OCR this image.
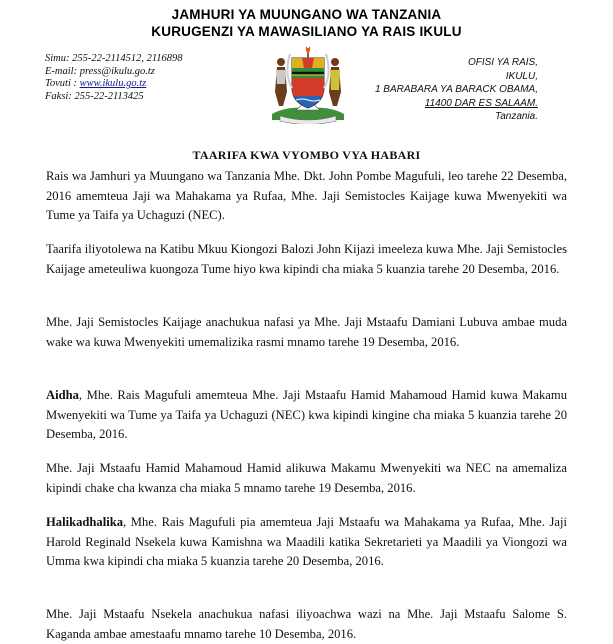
JAMHURI YA MUUNGANO WA TANZANIA
KURUGENZI YA MAWASILIANO YA RAIS IKULU
Simu: 255-22-2114512, 2116898
E-mail: press@ikulu.go.tz
Tovuti : www.ikulu.go.tz
Faksi: 255-22-2113425
OFISI YA RAIS,
IKULU,
1 BARABARA YA BARACK OBAMA,
11400 DAR ES SALAAM.
Tanzania.
TAARIFA KWA VYOMBO VYA HABARI

Rais wa Jamhuri ya Muungano wa Tanzania Mhe. Dkt. John Pombe Magufuli, leo tarehe 22 Desemba, 2016 amemteua Jaji wa Mahakama ya Rufaa, Mhe. Jaji Semistocles Kaijage kuwa Mwenyekiti wa Tume ya Taifa ya Uchaguzi (NEC).

Taarifa iliyotolewa na Katibu Mkuu Kiongozi Balozi John Kijazi imeeleza kuwa Mhe. Jaji Semistocles Kaijage ameteuliwa kuongoza Tume hiyo kwa kipindi cha miaka 5 kuanzia tarehe 20 Desemba, 2016.

Mhe. Jaji Semistocles Kaijage anachukua nafasi ya Mhe. Jaji Mstaafu Damiani Lubuva ambae muda wake wa kuwa Mwenyekiti umemalizika rasmi mnamo tarehe 19 Desemba, 2016.

Aidha, Mhe. Rais Magufuli amemteua Mhe. Jaji Mstaafu Hamid Mahamoud Hamid kuwa Makamu Mwenyekiti wa Tume ya Taifa ya Uchaguzi (NEC) kwa kipindi kingine cha miaka 5 kuanzia tarehe 20 Desemba, 2016.

Mhe. Jaji Mstaafu Hamid Mahamoud Hamid alikuwa Makamu Mwenyekiti wa NEC na amemaliza kipindi chake cha kwanza cha miaka 5 mnamo tarehe 19 Desemba, 2016.

Halikadhalika, Mhe. Rais Magufuli pia amemteua Jaji Mstaafu wa Mahakama ya Rufaa, Mhe. Jaji Harold Reginald Nsekela kuwa Kamishna wa Maadili katika Sekretarieti ya Maadili ya Viongozi wa Umma kwa kipindi cha miaka 5 kuanzia tarehe 20 Desemba, 2016.

Mhe. Jaji Mstaafu Nsekela anachukua nafasi iliyoachwa wazi na Mhe. Jaji Mstaafu Salome S. Kaganda ambae amestaafu mnamo tarehe 10 Desemba, 2016.
